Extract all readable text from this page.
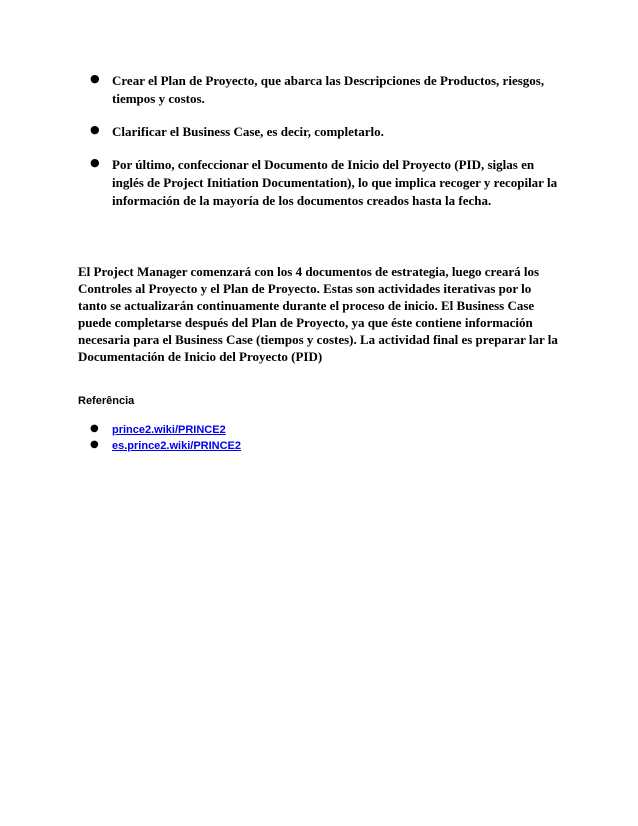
● Crear el Plan de Proyecto, que abarca las Descripciones de Productos, riesgos, tiempos y costos.
● Clarificar el Business Case, es decir, completarlo.
● Por último, confeccionar el Documento de Inicio del Proyecto (PID, siglas en inglés de Project Initiation Documentation), lo que implica recoger y recopilar la información de la mayoría de los documentos creados hasta la fecha.

El Project Manager comenzará con los 4 documentos de estrategia, luego creará los Controles al Proyecto y el Plan de Proyecto. Estas son actividades iterativas por lo tanto se actualizarán continuamente durante el proceso de inicio. El Business Case puede completarse después del Plan de Proyecto, ya que éste contiene información necesaria para el Business Case (tiempos y costes). La actividad final es preparar lar la Documentación de Inicio del Proyecto (PID)

Referência

● prince2.wiki/PRINCE2
● es.prince2.wiki/PRINCE2
